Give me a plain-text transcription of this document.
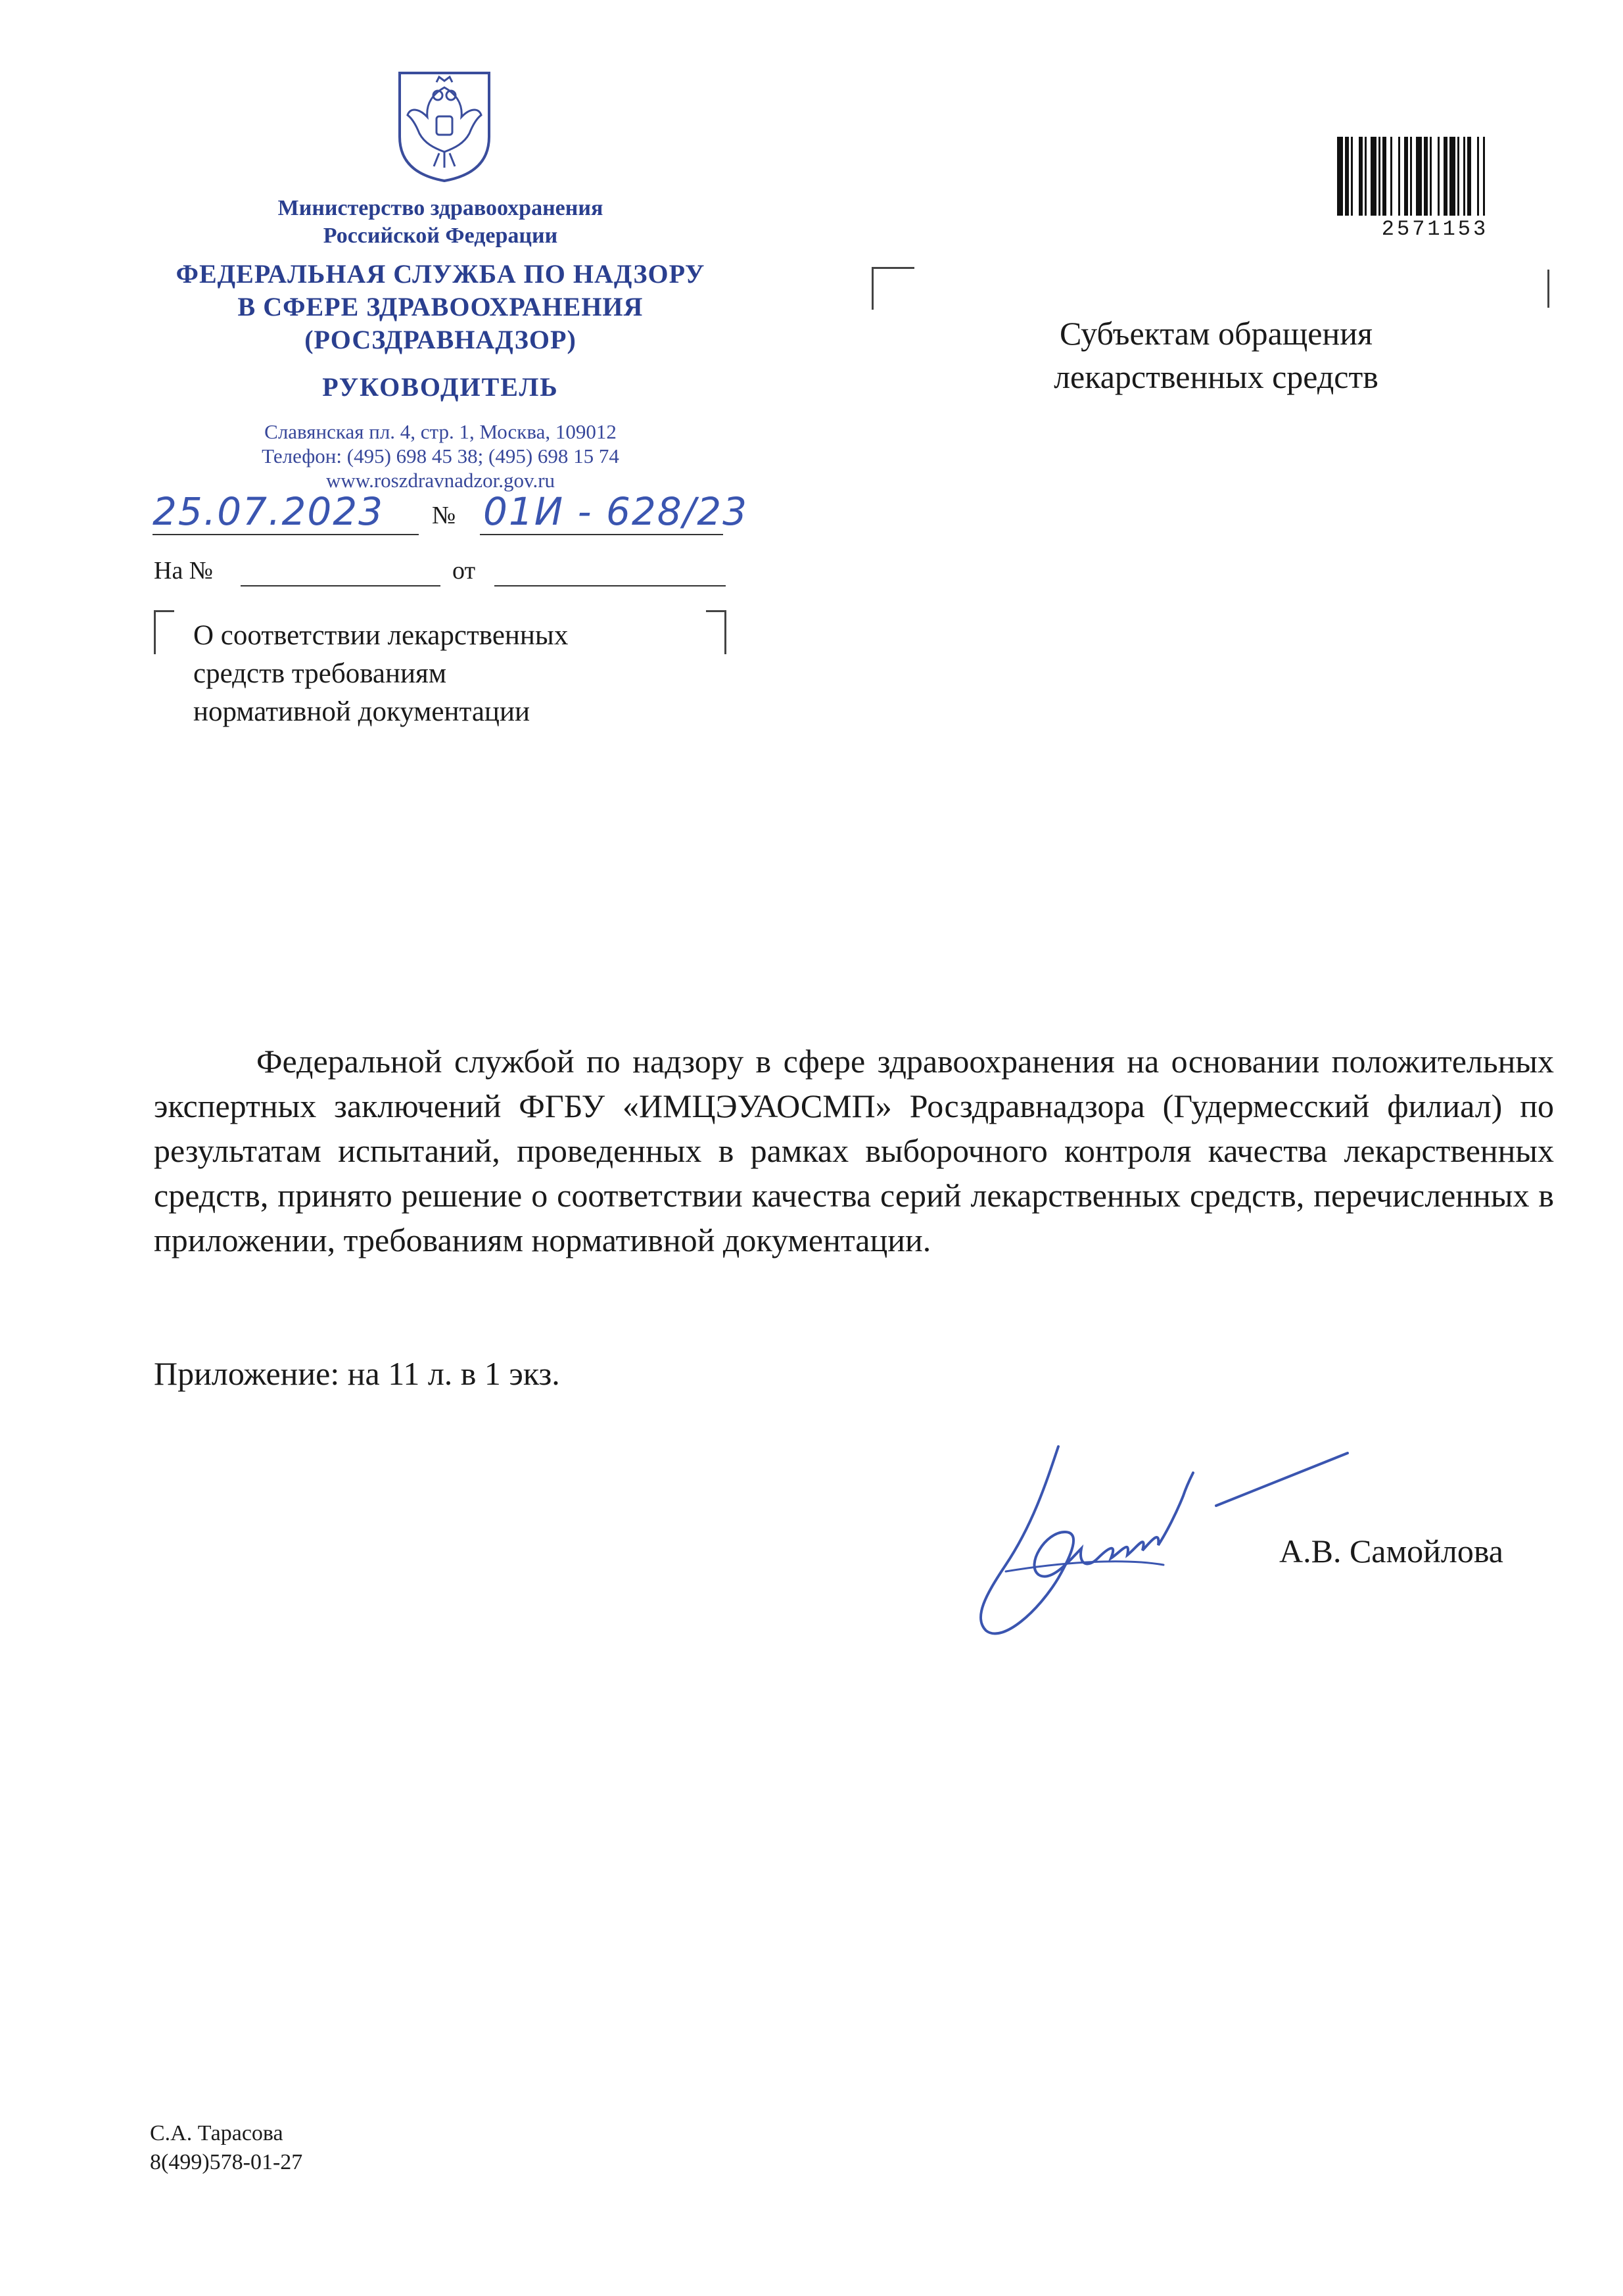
Министерство здравоохранения
Российской Федерации
ФЕДЕРАЛЬНАЯ СЛУЖБА ПО НАДЗОРУ
В СФЕРЕ ЗДРАВООХРАНЕНИЯ
(РОСЗДРАВНАДЗОР)
РУКОВОДИТЕЛЬ
Славянская пл. 4, стр. 1, Москва, 109012
Телефон: (495) 698 45 38; (495) 698 15 74
www.roszdravnadzor.gov.ru
25.07.2023 № 01И - 628/23
На №	от
О соответствии лекарственных
средств требованиям
нормативной документации
2571153
Субъектам обращения
лекарственных средств
Федеральной службой по надзору в сфере здравоохранения на основании положительных экспертных заключений ФГБУ «ИМЦЭУАОСМП» Росздравнадзора (Гудермесский филиал) по результатам испытаний, проведенных в рамках выборочного контроля качества лекарственных средств, принято решение о соответствии качества серий лекарственных средств, перечисленных в приложении, требованиям нормативной документации.
Приложение: на 11 л. в 1 экз.
А.В. Самойлова
С.А. Тарасова
8(499)578-01-27
